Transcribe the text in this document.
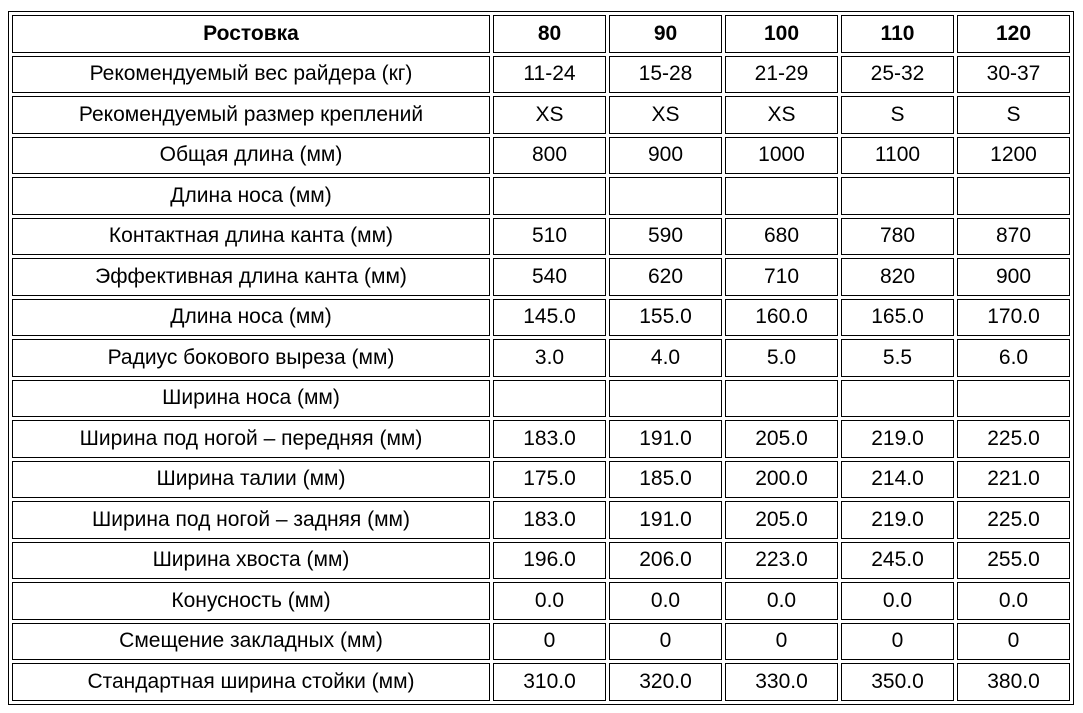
Ростовка	80	90	100	110	120
Рекомендуемый вес райдера (кг)	11-24	15-28	21-29	25-32	30-37
Рекомендуемый размер креплений	XS	XS	XS	S	S
Общая длина (мм)	800	900	1000	1100	1200
Длина носа (мм)					
Контактная длина канта (мм)	510	590	680	780	870
Эффективная длина канта (мм)	540	620	710	820	900
Длина носа (мм)	145.0	155.0	160.0	165.0	170.0
Радиус бокового выреза (мм)	3.0	4.0	5.0	5.5	6.0
Ширина носа (мм)					
Ширина под ногой – передняя (мм)	183.0	191.0	205.0	219.0	225.0
Ширина талии (мм)	175.0	185.0	200.0	214.0	221.0
Ширина под ногой – задняя (мм)	183.0	191.0	205.0	219.0	225.0
Ширина хвоста (мм)	196.0	206.0	223.0	245.0	255.0
Конусность (мм)	0.0	0.0	0.0	0.0	0.0
Смещение закладных (мм)	0	0	0	0	0
Стандартная ширина стойки (мм)	310.0	320.0	330.0	350.0	380.0
